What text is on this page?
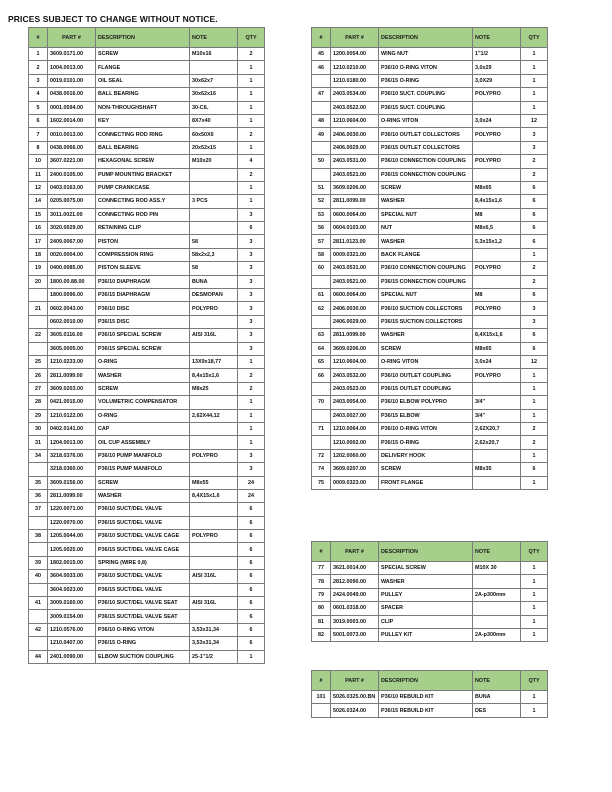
PRICES SUBJECT TO CHANGE WITHOUT NOTICE.
#	PART #	DESCRIPTION	NOTE	QTY
1	3609.0171.00	SCREW	M10x16	2
2	1004.0013.00	FLANGE		1
3	0019.0101.00	OIL SEAL	30x62x7	1
4	0438.0016.00	BALL BEARING	30x62x16	1
5	0001.0594.00	NON-THROUGHSHAFT	30-CIL	1
6	1602.0014.00	KEY	8X7x40	1
7	0010.0013.00	CONNECTING ROD RING	60x50X6	2
8	0438.0066.00	BALL BEARING	20x52x15	1
10	3607.0221.00	HEXAGONAL SCREW	M10x20	4
11	2400.0105.00	PUMP MOUNTING BRACKET		2
12	0403.0163.00	PUMP CRANKCASE		1
14	0205.0075.00	CONNECTING ROD ASS.Y	3 PCS	1
15	3011.0021.00	CONNECTING ROD PIN		3
16	3020.0029.00	RETAINING CLIP		6
17	2409.0067.00	PISTON	58	3
18	0020.0004.00	COMPRESSION RING	58x2x2,3	3
19	0400.0085.00	PISTON SLEEVE	58	3
20	1800.00.88.00	P36/10 DIAPHRAGM	BUNA	3
	1800.0096.00	P36/15 DIAPHRAGM	DESMOPAN	3
21	0602.0043.00	P36/10 DISC	POLYPRO	3
	0602.0010.00	P36/15 DISC		3
22	3605.0116.00	P36/10 SPECIAL SCREW	AISI 316L	3
	3605.0005.00	P36/15 SPECIAL SCREW		3
25	1210.0233.00	O-RING	13X9x18,77	1
26	2811.0099.00	WASHER	8,4x15x1,6	2
27	3609.0203.00	SCREW	M8x25	2
28	0421.0015.00	VOLUMETRIC COMPENSATOR		1
29	1210.0122.00	O-RING	2,62X44,12	1
30	0402.0141.00	CAP		1
31	1204.0013.00	OIL CUP ASSEMBLY		1
34	3218.0376.00	P36/10 PUMP MANIFOLD	POLYPRO	3
	3218.0360.00	P36/15 PUMP MANIFOLD		3
35	3609.0156.00	SCREW	M8x55	24
36	2811.0099.00	WASHER	8,4X15x1,6	24
37	1220.0071.00	P36/10 SUCT/DEL VALVE		6
	1220.0070.00	P36/15 SUCT/DEL VALVE		6
38	1205.0044.00	P36/10 SUCT/DEL VALVE CAGE	POLYPRO	6
	1205.0025.00	P36/15 SUCT/DEL VALVE CAGE		6
39	1802.0015.00	SPRING (WIRE 0,8)		6
40	3604.0033.00	P36/10 SUCT/DEL VALVE	AISI 316L	6
	3604.0023.00	P36/15 SUCT/DEL VALVE		6
41	3009.0160.00	P36/10 SUCT/DEL VALVE SEAT	AISI 316L	6
	3009.0154.00	P36/15 SUCT/DEL VALVE SEAT		6
42	1210.0576.00	P36/10 O-RING VITON	3,53x31,34	6
	1210.0407.00	P36/15 O-RING	3,53x31,34	6
44	2401.0090.00	ELBOW SUCTION COUPLING	25-1"1/2	1
#	PART #	DESCRIPTION	NOTE	QTY
45	1200.0054.00	WING NUT	1"1/2	1
46	1210.0210.00	P36/10 O-RING VITON	3,0x29	1
	1210.0180.00	P36/15 O-RING	3,0X29	1
47	2403.0534.00	P36/10 SUCT. COUPLING	POLYPRO	1
	2403.0522.00	P36/15 SUCT. COUPLING		1
48	1210.0604.00	O-RING VITON	3,0x24	12
49	2406.0030.00	P36/10 OUTLET COLLECTORS	POLYPRO	3
	2406.0029.00	P36/15 OUTLET COLLECTORS		3
50	2403.0531.00	P36/10 CONNECTION COUPLING	POLYPRO	2
	2403.0521.00	P36/15 CONNECTION COUPLING		2
51	3609.0206.00	SCREW	M8x65	6
52	2811.0099.00	WASHER	8,4x15x1,6	6
53	0600.0064.00	SPECIAL NUT	M8	6
56	0604.0103.00	NUT	M8x6,5	6
57	2811.0123.00	WASHER	5,3x15x1,2	6
58	0009.0321.00	BACK FLANGE		1
60	2403.0531.00	P36/10 CONNECTION COUPLING	POLYPRO	2
	2403.0521.00	P36/15 CONNECTION COUPLING		2
61	0600.0064.00	SPECIAL NUT	M8	6
62	2406.0030.00	P36/10 SUCTION COLLECTORS	POLYPRO	3
	2406.0029.00	P36/15 SUCTION COLLECTORS		3
63	2811.0099.00	WASHER	8,4X15x1,6	6
64	3609.0206.00	SCREW	M8x65	6
65	1210.0604.00	O-RING VITON	3,0x24	12
66	2403.0532.00	P36/10 OUTLET COUPLING	POLYPRO	1
	2403.0523.00	P36/15 OUTLET COUPLING		1
70	2403.0054.00	P36/10 ELBOW POLYPRO	3/4"	1
	2403.0027.00	P36/15 ELBOW	3/4"	1
71	1210.0064.00	P36/10 O-RING VITON	2,62X20,7	2
	1210.0002.00	P36/15 O-RING	2,62x20,7	2
72	1202.0060.00	DELIVERY HOOK		1
74	3609.0207.00	SCREW	M8x35	6
75	0009.0323.00	FRONT FLANGE		1
#	PART #	DESCRIPTION	NOTE	QTY
77	3621.0014.00	SPECIAL SCREW	M10X 30	1
78	2812.0090.00	WASHER		1
79	2424.0049.00	PULLEY	2A-p300mm	1
80	0601.0318.00	SPACER		1
81	3019.0003.00	CLIP		1
82	5001.0073.00	PULLEY KIT	2A-p300mm	1
#	PART #	DESCRIPTION	NOTE	QTY
101	5026.0325.00.BN	P36/10 REBUILD KIT	BUNA	1
	5026.0324.00	P36/15 REBUILD KIT	DES	1
